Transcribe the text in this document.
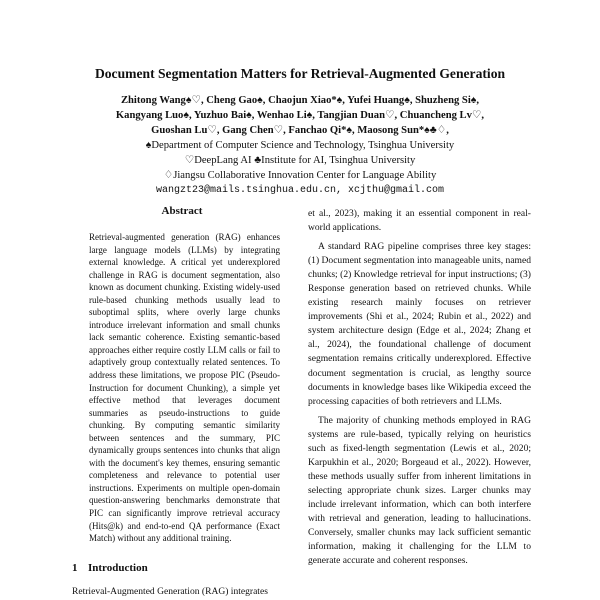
Document Segmentation Matters for Retrieval-Augmented Generation
Zhitong Wang♠♡, Cheng Gao♠, Chaojun Xiao*♠, Yufei Huang♠, Shuzheng Si♠,
Kangyang Luo♠, Yuzhuo Bai♠, Wenhao Li♠, Tangjian Duan♡, Chuancheng Lv♡,
Guoshan Lu♡, Gang Chen♡, Fanchao Qi*♠, Maosong Sun*♠♣♢,
♠Department of Computer Science and Technology, Tsinghua University
♡DeepLang AI ♣Institute for AI, Tsinghua University
♢Jiangsu Collaborative Innovation Center for Language Ability
wangzt23@mails.tsinghua.edu.cn, xcjthu@gmail.com
Abstract

Retrieval-augmented generation (RAG) enhances large language models (LLMs) by integrating external knowledge. A critical yet underexplored challenge in RAG is document segmentation, also known as document chunking. Existing widely-used rule-based chunking methods usually lead to suboptimal splits, where overly large chunks introduce irrelevant information and small chunks lack semantic coherence. Existing semantic-based approaches either require costly LLM calls or fail to adaptively group contextually related sentences. To address these limitations, we propose PIC (Pseudo-Instruction for document Chunking), a simple yet effective method that leverages document summaries as pseudo-instructions to guide chunking. By computing semantic similarity between sentences and the summary, PIC dynamically groups sentences into chunks that align with the document's key themes, ensuring semantic completeness and relevance to potential user instructions. Experiments on multiple open-domain question-answering benchmarks demonstrate that PIC can significantly improve retrieval accuracy (Hits@k) and end-to-end QA performance (Exact Match) without any additional training.

1 Introduction

Retrieval-Augmented Generation (RAG) integrates

et al., 2023), making it an essential component in real-world applications.

A standard RAG pipeline comprises three key stages: (1) Document segmentation into manageable units, named chunks; (2) Knowledge retrieval for input instructions; (3) Response generation based on retrieved chunks. While existing research mainly focuses on retriever improvements (Shi et al., 2024; Rubin et al., 2022) and system architecture design (Edge et al., 2024; Zhang et al., 2024), the foundational challenge of document segmentation remains critically underexplored. Effective document segmentation is crucial, as lengthy source documents in knowledge bases like Wikipedia exceed the processing capacities of both retrievers and LLMs.

The majority of chunking methods employed in RAG systems are rule-based, typically relying on heuristics such as fixed-length segmentation (Lewis et al., 2020; Karpukhin et al., 2020; Borgeaud et al., 2022). However, these methods usually suffer from inherent limitations in selecting appropriate chunk sizes. Larger chunks may include irrelevant information, which can both interfere with retrieval and generation, leading to hallucinations. Conversely, smaller chunks may lack sufficient semantic information, making it challenging for the LLM to generate accurate and coherent responses.
